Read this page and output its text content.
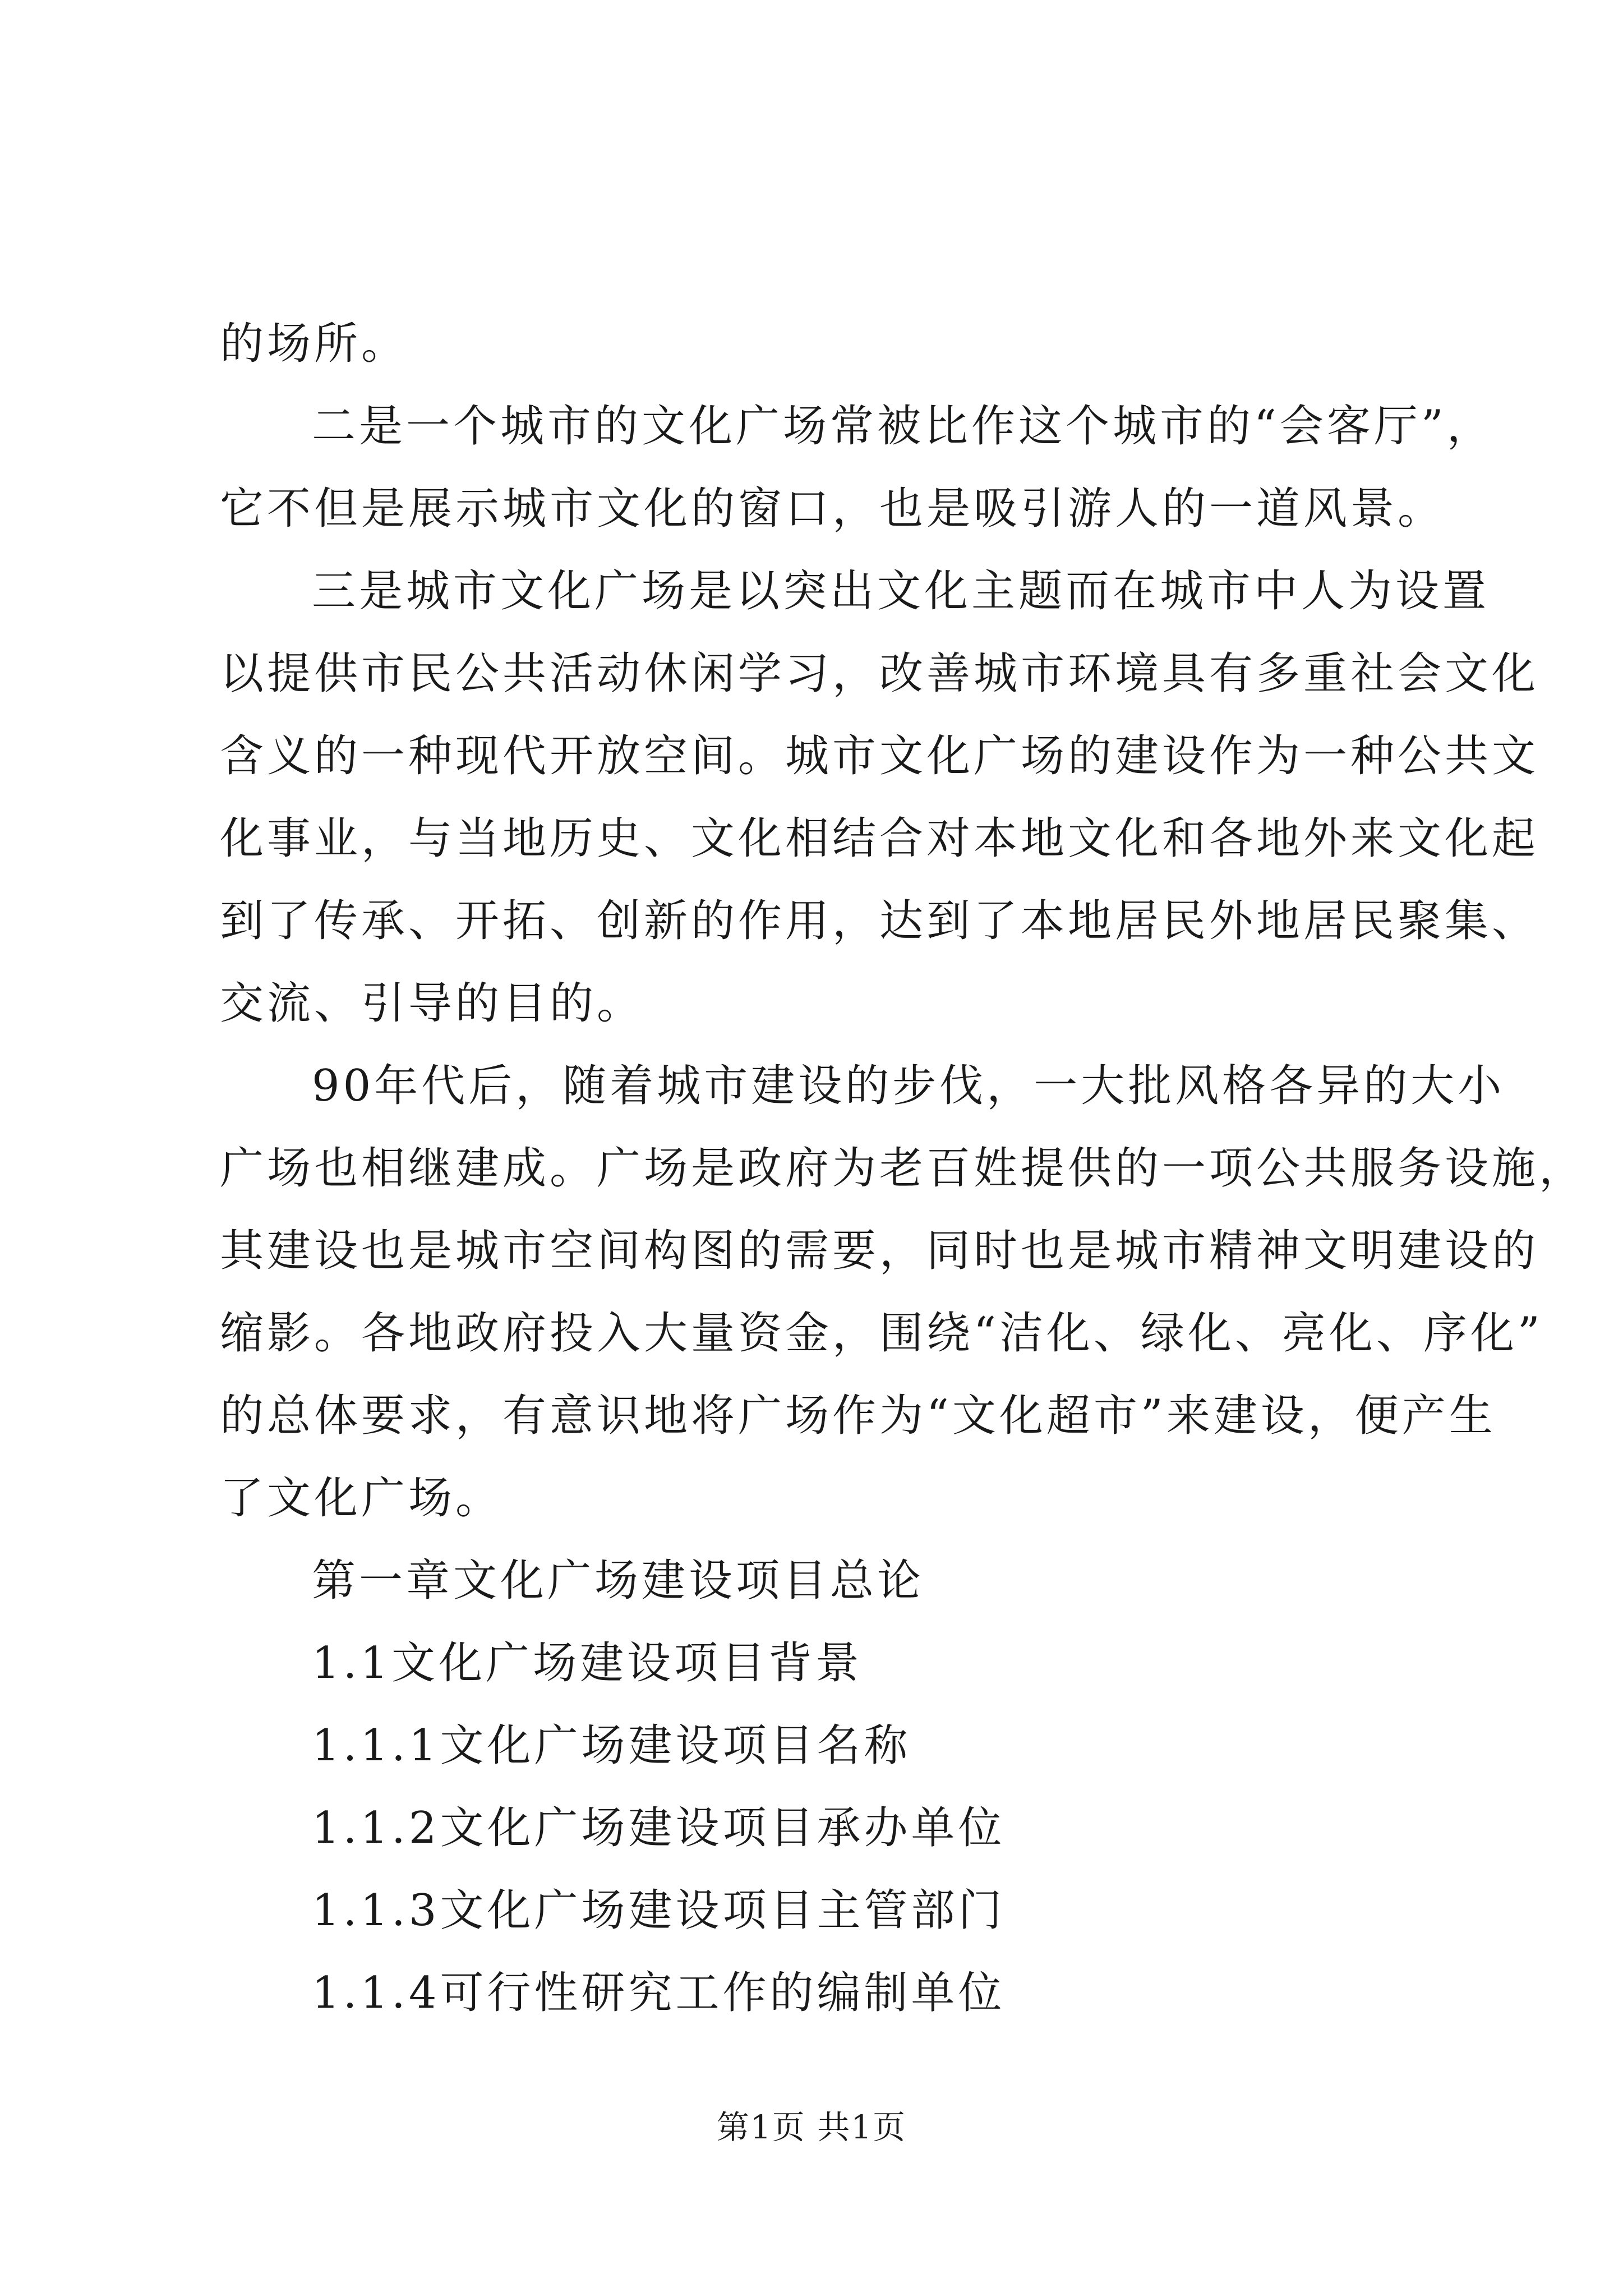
的场所。

二是一个城市的文化广场常被比作这个城市的“会客厅”，
它不但是展示城市文化的窗口，也是吸引游人的一道风景。

三是城市文化广场是以突出文化主题而在城市中人为设置
以提供市民公共活动休闲学习，改善城市环境具有多重社会文化
含义的一种现代开放空间。城市文化广场的建设作为一种公共文
化事业，与当地历史、文化相结合对本地文化和各地外来文化起
到了传承、开拓、创新的作用，达到了本地居民外地居民聚集、
交流、引导的目的。

90年代后，随着城市建设的步伐，一大批风格各异的大小
广场也相继建成。广场是政府为老百姓提供的一项公共服务设施，
其建设也是城市空间构图的需要，同时也是城市精神文明建设的
缩影。各地政府投入大量资金，围绕“洁化、绿化、亮化、序化”
的总体要求，有意识地将广场作为“文化超市”来建设，便产生
了文化广场。

第一章文化广场建设项目总论

1.1文化广场建设项目背景

1.1.1文化广场建设项目名称

1.1.2文化广场建设项目承办单位

1.1.3文化广场建设项目主管部门

1.1.4可行性研究工作的编制单位

第1页 共1页
